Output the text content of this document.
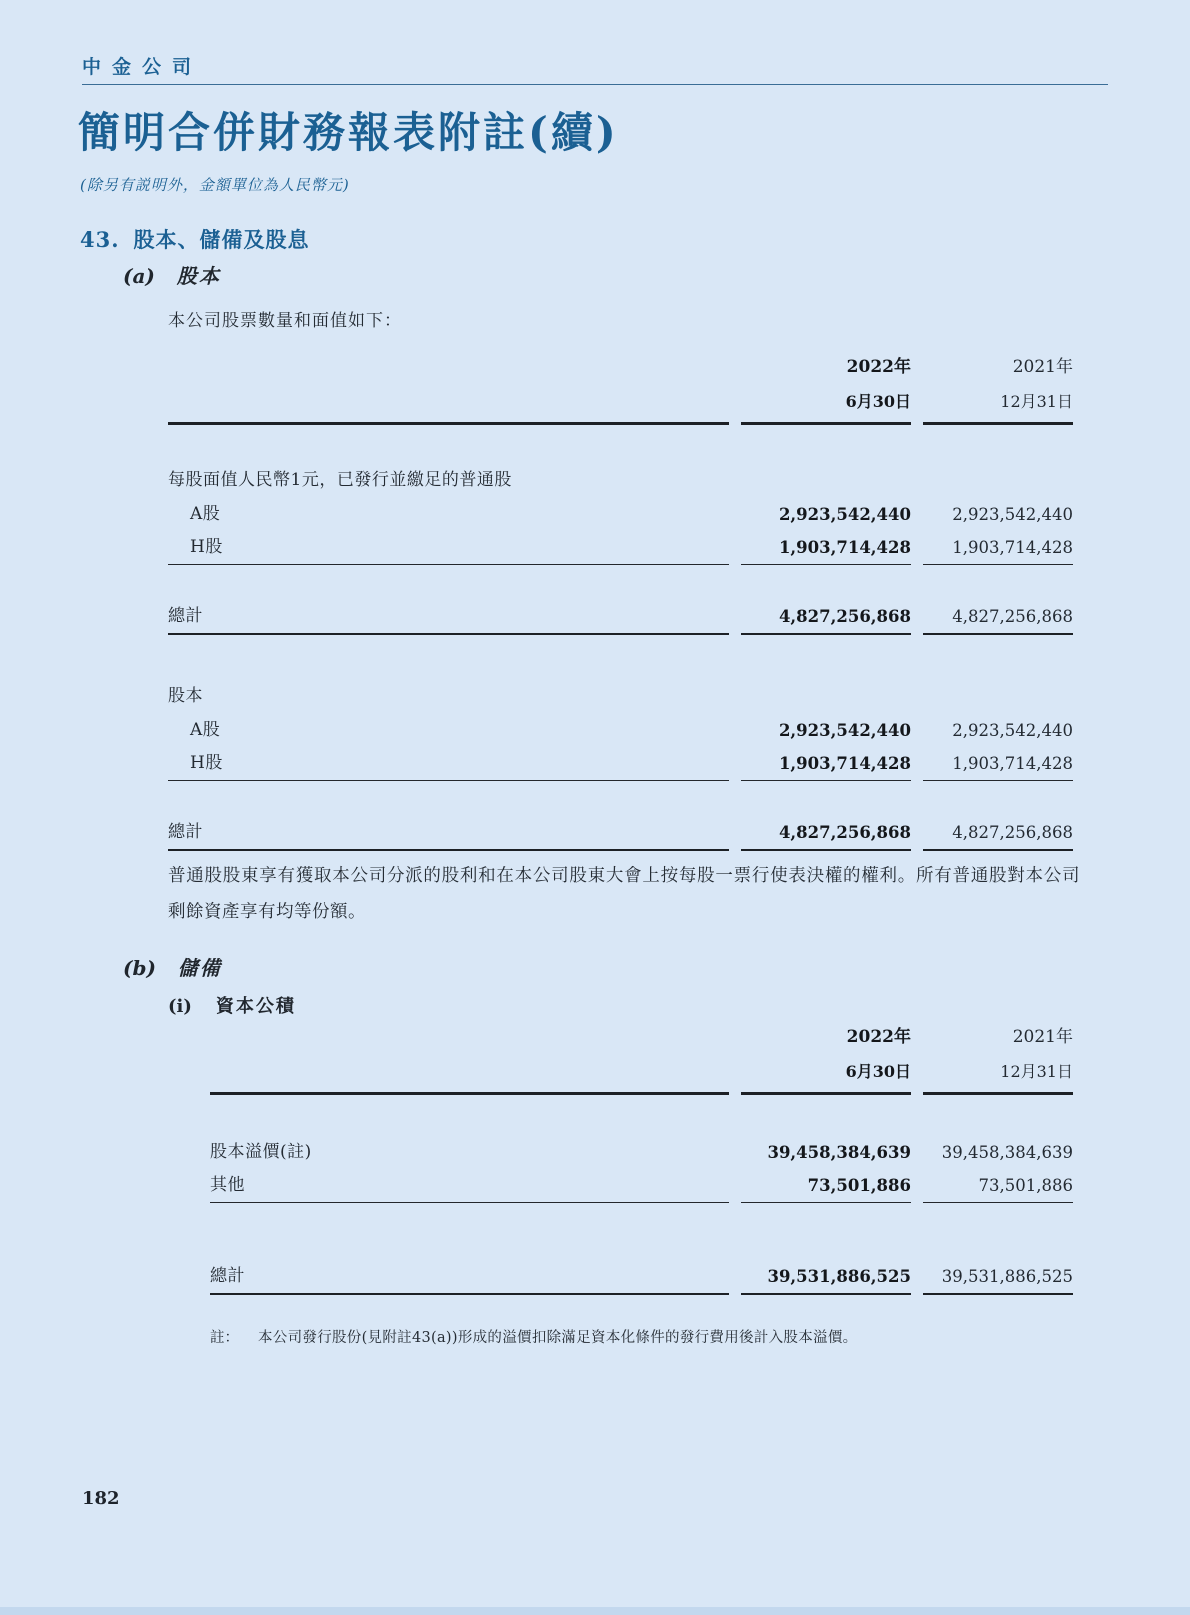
中金公司
簡明合併財務報表附註(續)
(除另有説明外，金額單位為人民幣元)
43. 股本、儲備及股息
(a) 股本
本公司股票數量和面值如下：
2022年
6月30日
2021年
12月31日
每股面值人民幣1元，已發行並繳足的普通股
A股	2,923,542,440	2,923,542,440
H股	1,903,714,428	1,903,714,428
總計	4,827,256,868	4,827,256,868
股本
A股	2,923,542,440	2,923,542,440
H股	1,903,714,428	1,903,714,428
總計	4,827,256,868	4,827,256,868
普通股股東享有獲取本公司分派的股利和在本公司股東大會上按每股一票行使表決權的權利。所有普通股對本公司剩餘資產享有均等份額。
(b) 儲備
(i) 資本公積
2022年
6月30日
2021年
12月31日
股本溢價(註)	39,458,384,639	39,458,384,639
其他	73,501,886	73,501,886
總計	39,531,886,525	39,531,886,525
註：	本公司發行股份(見附註43(a))形成的溢價扣除滿足資本化條件的發行費用後計入股本溢價。
182
